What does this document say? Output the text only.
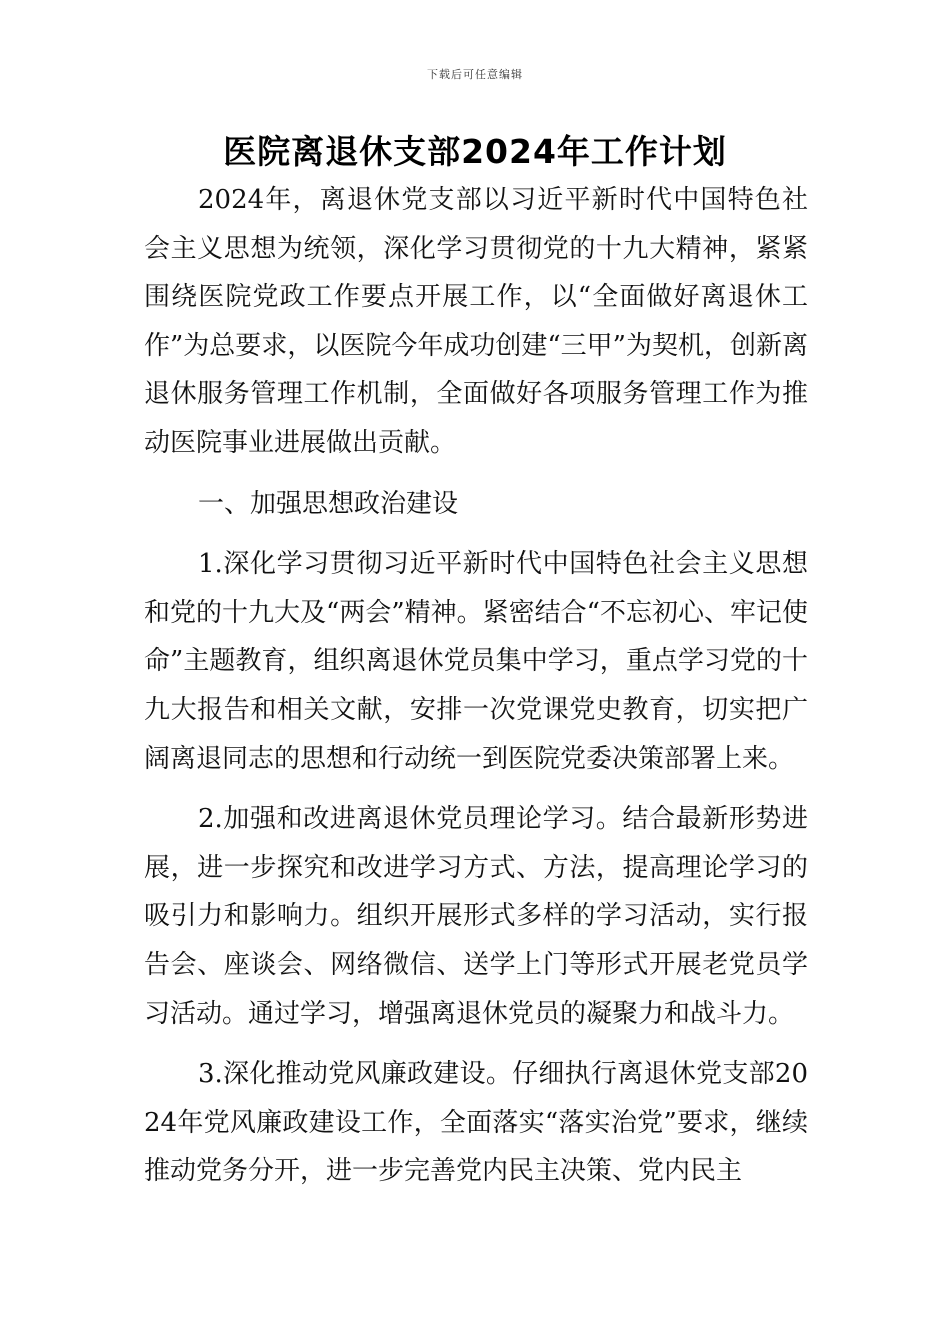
下载后可任意编辑
医院离退休支部2024年工作计划

2024年，离退休党支部以习近平新时代中国特色社会主义思想为统领，深化学习贯彻党的十九大精神，紧紧围绕医院党政工作要点开展工作，以“全面做好离退休工作”为总要求，以医院今年成功创建“三甲”为契机，创新离退休服务管理工作机制，全面做好各项服务管理工作为推动医院事业进展做出贡献。

一、加强思想政治建设

1.深化学习贯彻习近平新时代中国特色社会主义思想和党的十九大及“两会”精神。紧密结合“不忘初心、牢记使命”主题教育，组织离退休党员集中学习，重点学习党的十九大报告和相关文献，安排一次党课党史教育，切实把广阔离退同志的思想和行动统一到医院党委决策部署上来。

2.加强和改进离退休党员理论学习。结合最新形势进展，进一步探究和改进学习方式、方法，提高理论学习的吸引力和影响力。组织开展形式多样的学习活动，实行报告会、座谈会、网络微信、送学上门等形式开展老党员学习活动。通过学习，增强离退休党员的凝聚力和战斗力。

3.深化推动党风廉政建设。仔细执行离退休党支部2024年党风廉政建设工作，全面落实“落实治党”要求，继续推动党务分开，进一步完善党内民主决策、党内民主
